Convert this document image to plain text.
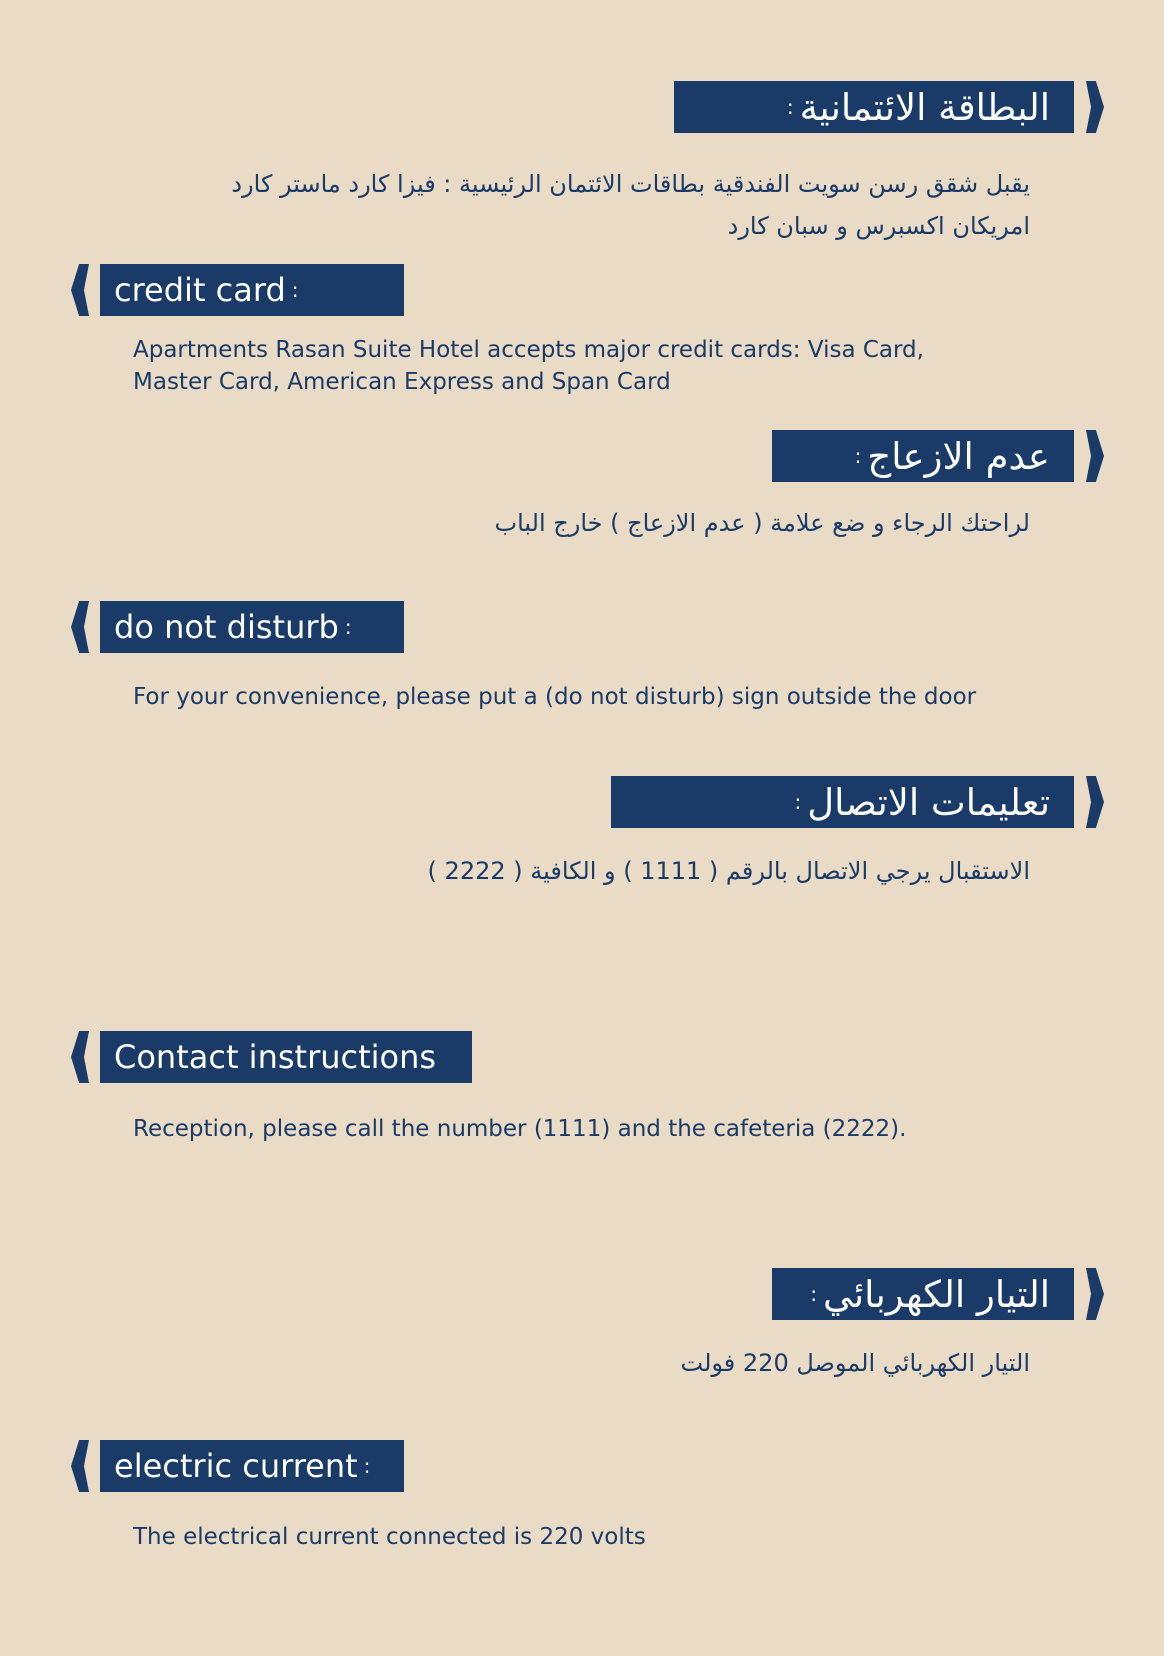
البطاقة الائتمانية
:
يقبل شقق رسن سويت الفندقية بطاقات الائتمان الرئيسية : فيزا كارد ماستر كارد امريكان اكسبرس و سبان كارد
credit card :
Apartments Rasan Suite Hotel accepts major credit cards: Visa Card, Master Card, American Express and Span Card
عدم الازعاج
:
لراحتك الرجاء و ضع علامة ( عدم الازعاج ) خارج الباب
do not disturb :
For your convenience, please put a (do not disturb) sign outside the door
تعليمات الاتصال
:
الاستقبال يرجي الاتصال بالرقم ( 1111 ) و الكافية ( 2222 )
Contact instructions
Reception, please call the number (1111) and the cafeteria (2222).
التيار الكهربائي
:
التيار الكهربائي الموصل 220 فولت
electric current :
The electrical current connected is 220 volts
